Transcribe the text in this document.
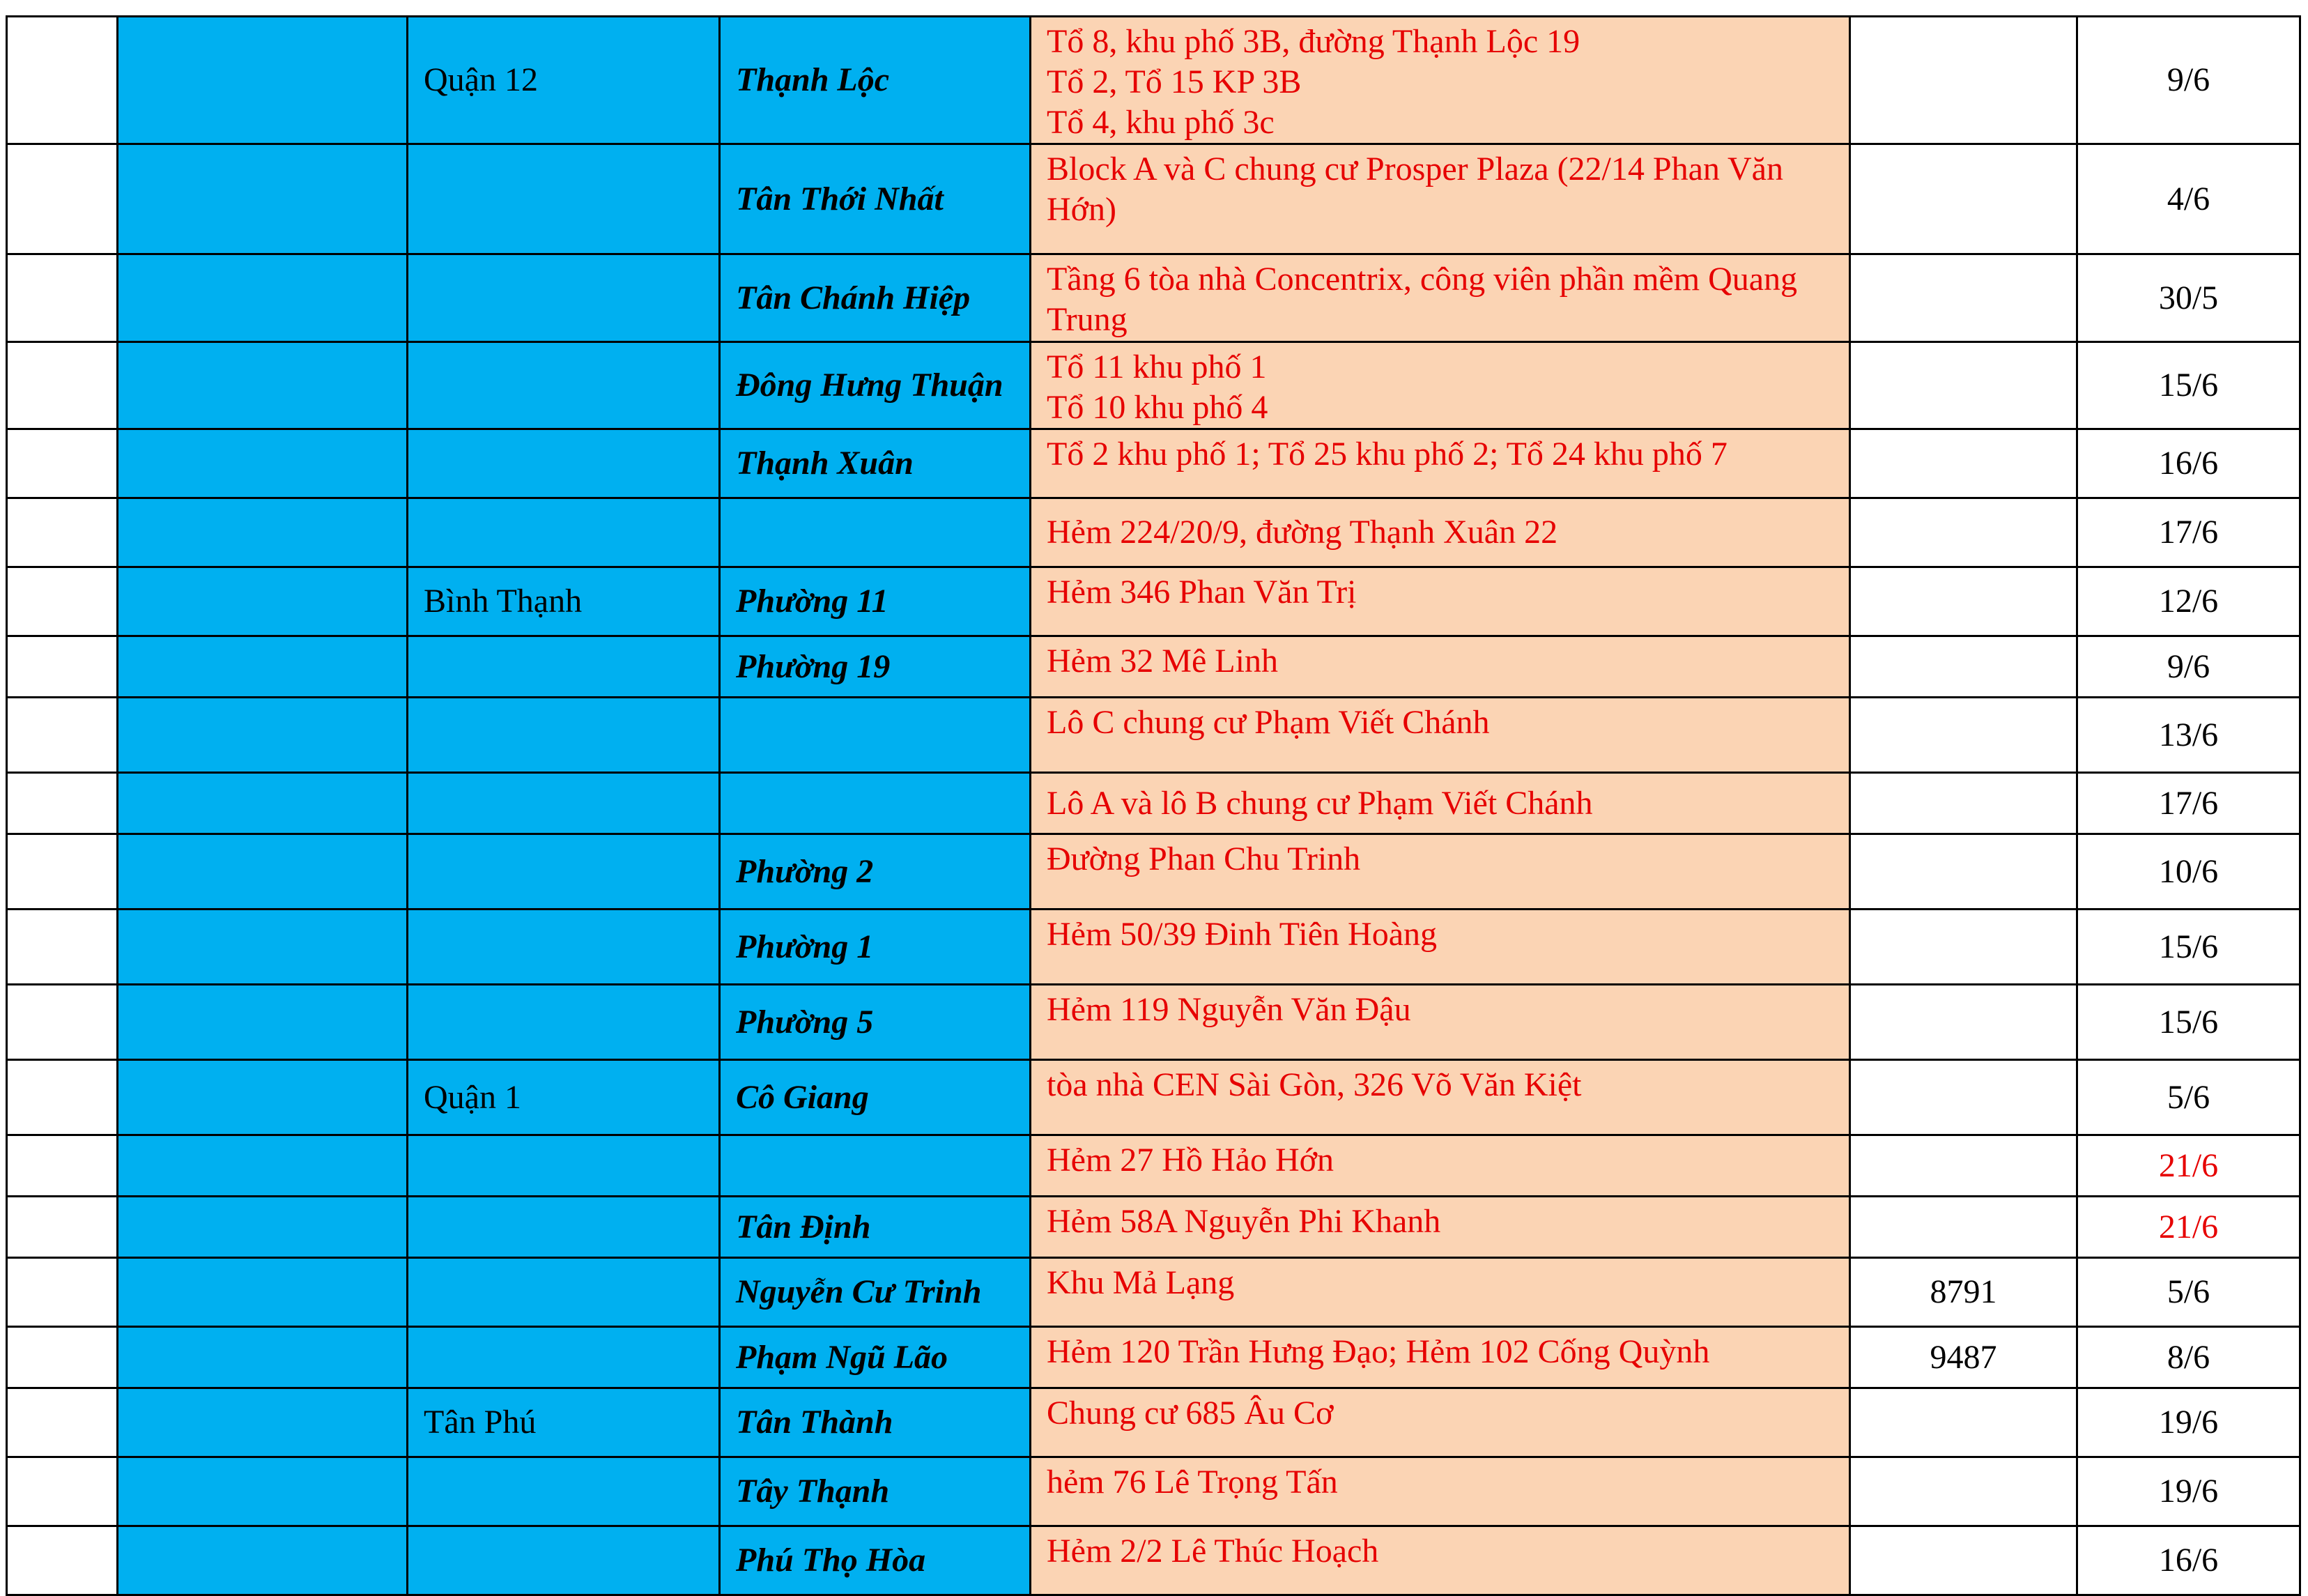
		Quận 12	Thạnh Lộc	Tổ 8, khu phố 3B, đường Thạnh Lộc 19
Tổ 2, Tổ 15 KP 3B
Tổ 4, khu phố 3c		9/6
			Tân Thới Nhất	Block A và C chung cư Prosper Plaza (22/14 Phan Văn Hớn)		4/6
			Tân Chánh Hiệp	Tầng 6 tòa nhà Concentrix, công viên phần mềm Quang Trung		30/5
			Đông Hưng Thuận	Tổ 11 khu phố 1
Tổ 10 khu phố 4		15/6
			Thạnh Xuân	Tổ 2 khu phố 1; Tổ 25 khu phố 2; Tổ 24 khu phố 7		16/6

				Hẻm 224/20/9, đường Thạnh Xuân 22		17/6
		Bình Thạnh	Phường 11	Hẻm 346 Phan Văn Trị		12/6
			Phường 19	Hẻm 32 Mê Linh		9/6

				Lô C chung cư Phạm Viết Chánh		13/6

				Lô A và lô B chung cư Phạm Viết Chánh		17/6
			Phường 2	Đường Phan Chu Trinh		10/6
			Phường 1	Hẻm 50/39 Đinh Tiên Hoàng		15/6
			Phường 5	Hẻm 119 Nguyễn Văn Đậu		15/6
		Quận 1	Cô Giang	tòa nhà CEN Sài Gòn, 326 Võ Văn Kiệt		5/6

				Hẻm 27 Hồ Hảo Hớn		21/6
			Tân Định	Hẻm 58A Nguyễn Phi Khanh		21/6
			Nguyễn Cư Trinh	Khu Mả Lạng	8791	5/6
			Phạm Ngũ Lão	Hẻm 120 Trần Hưng Đạo; Hẻm 102 Cống Quỳnh	9487	8/6
		Tân Phú	Tân Thành	Chung cư 685 Âu Cơ		19/6
			Tây Thạnh	hẻm 76 Lê Trọng Tấn		19/6
			Phú Thọ Hòa	Hẻm 2/2 Lê Thúc Hoạch		16/6
